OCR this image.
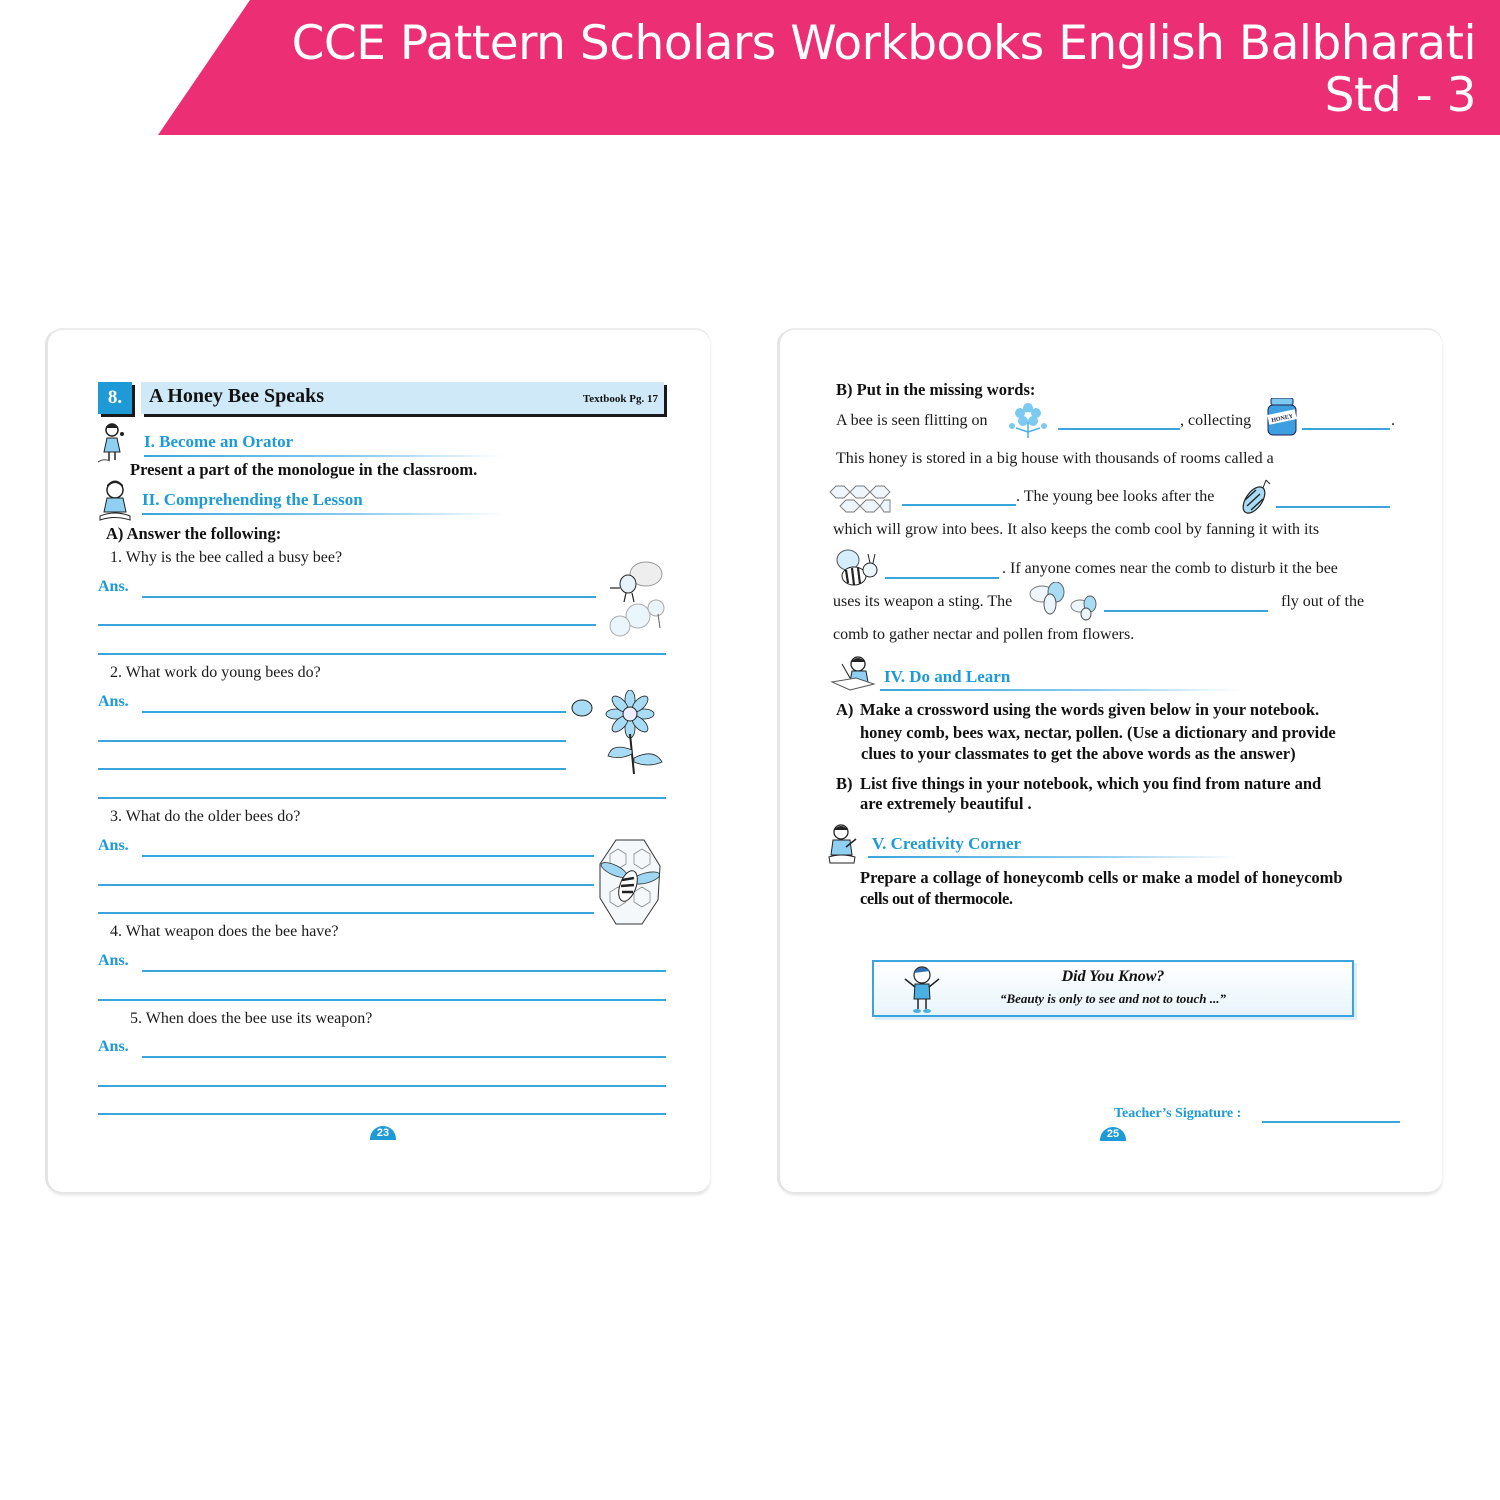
CCE Pattern Scholars Workbooks English Balbharati
Std - 3
8.	A Honey Bee Speaks	Textbook Pg. 17
I. Become an Orator
Present a part of the monologue in the classroom.
II. Comprehending the Lesson
A) Answer the following:
1. Why is the bee called a busy bee?
Ans.
2. What work do young bees do?
Ans.
3. What do the older bees do?
Ans.
4. What weapon does the bee have?
Ans.
5. When does the bee use its weapon?
Ans.
23
B) Put in the missing words:
A bee is seen flitting on	, collecting	HONEY	.
This honey is stored in a big house with thousands of rooms called a
. The young bee looks after the
which will grow into bees. It also keeps the comb cool by fanning it with its
. If anyone comes near the comb to disturb it the bee
uses its weapon a sting. The	fly out of the
comb to gather nectar and pollen from flowers.
IV. Do and Learn
A) Make a crossword using the words given below in your notebook.
honey comb, bees wax, nectar, pollen. (Use a dictionary and provide
clues to your classmates to get the above words as the answer)
B) List five things in your notebook, which you find from nature and
are extremely beautiful .
V. Creativity Corner
Prepare a collage of honeycomb cells or make a model of honeycomb
cells out of thermocole.
Did You Know?
“Beauty is only to see and not to touch ...”
Teacher’s Signature :
25
